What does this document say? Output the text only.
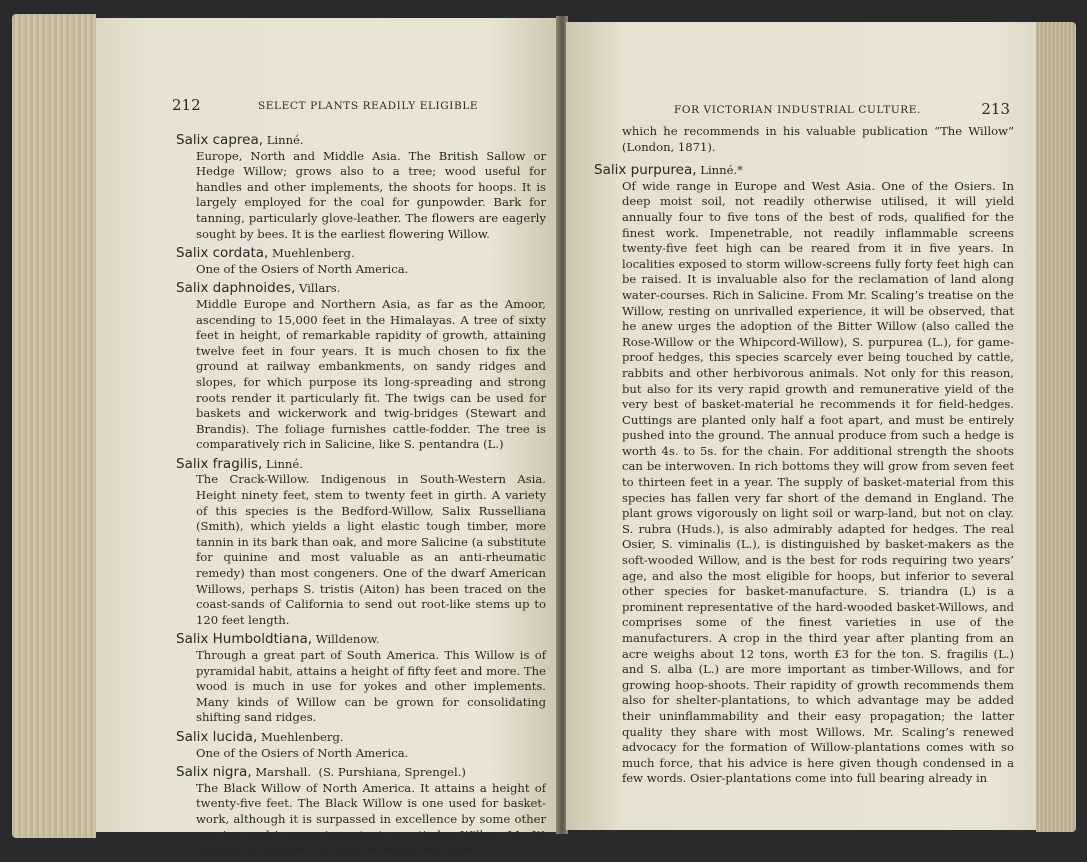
212	SELECT PLANTS READILY ELIGIBLE
Salix caprea, Linné.

Europe, North and Middle Asia. The British Sallow or Hedge Willow; grows also to a tree; wood useful for handles and other implements, the shoots for hoops. It is largely employed for the coal for gunpowder. Bark for tanning, particularly glove-leather. The flowers are eagerly sought by bees. It is the earliest flowering Willow.

Salix cordata, Muehlenberg.

One of the Osiers of North America.

Salix daphnoides, Villars.

Middle Europe and Northern Asia, as far as the Amoor, ascending to 15,000 feet in the Himalayas. A tree of sixty feet in height, of remarkable rapidity of growth, attaining twelve feet in four years. It is much chosen to fix the ground at railway embankments, on sandy ridges and slopes, for which purpose its long-spreading and strong roots render it particularly fit. The twigs can be used for baskets and wickerwork and twig-bridges (Stewart and Brandis). The foliage furnishes cattle-fodder. The tree is comparatively rich in Salicine, like S. pentandra (L.)

Salix fragilis, Linné.

The Crack-Willow. Indigenous in South-Western Asia. Height ninety feet, stem to twenty feet in girth. A variety of this species is the Bedford-Willow, Salix Russelliana (Smith), which yields a light elastic tough timber, more tannin in its bark than oak, and more Salicine (a substitute for quinine and most valuable as an anti-rheumatic remedy) than most congeners. One of the dwarf American Willows, perhaps S. tristis (Aiton) has been traced on the coast-sands of California to send out root-like stems up to 120 feet length.

Salix Humboldtiana, Willdenow.

Through a great part of South America. This Willow is of pyramidal habit, attains a height of fifty feet and more. The wood is much in use for yokes and other implements. Many kinds of Willow can be grown for consolidating shifting sand ridges.

Salix lucida, Muehlenberg.

One of the Osiers of North America.

Salix nigra, Marshall. (S. Purshiana, Sprengel.)

The Black Willow of North America. It attains a height of twenty-five feet. The Black Willow is one used for basket-work, although it is surpassed in excellence by some other species, and is more important as a timber-Willow. Mr. W. Scaling, of Basford, includes it among the sorts,

FOR VICTORIAN INDUSTRIAL CULTURE.	213

which he recommends in his valuable publication “The Willow” (London, 1871).

Salix purpurea, Linné.*

Of wide range in Europe and West Asia. One of the Osiers. In deep moist soil, not readily otherwise utilised, it will yield annually four to five tons of the best of rods, qualified for the finest work. Impenetrable, not readily inflammable screens twenty-five feet high can be reared from it in five years. In localities exposed to storm willow-screens fully forty feet high can be raised. It is invaluable also for the reclamation of land along water-courses. Rich in Salicine. From Mr. Scaling’s treatise on the Willow, resting on unrivalled experience, it will be observed, that he anew urges the adoption of the Bitter Willow (also called the Rose-Willow or the Whipcord-Willow), S. purpurea (L.), for game-proof hedges, this species scarcely ever being touched by cattle, rabbits and other herbivorous animals. Not only for this reason, but also for its very rapid growth and remunerative yield of the very best of basket-material he recommends it for field-hedges. Cuttings are planted only half a foot apart, and must be entirely pushed into the ground. The annual produce from such a hedge is worth 4s. to 5s. for the chain. For additional strength the shoots can be interwoven. In rich bottoms they will grow from seven feet to thirteen feet in a year. The supply of basket-material from this species has fallen very far short of the demand in England. The plant grows vigorously on light soil or warp-land, but not on clay. S. rubra (Huds.), is also admirably adapted for hedges. The real Osier, S. viminalis (L.), is distinguished by basket-makers as the soft-wooded Willow, and is the best for rods requiring two years’ age, and also the most eligible for hoops, but inferior to several other species for basket-manufacture. S. triandra (L) is a prominent representative of the hard-wooded basket-Willows, and comprises some of the finest varieties in use of the manufacturers. A crop in the third year after planting from an acre weighs about 12 tons, worth £3 for the ton. S. fragilis (L.) and S. alba (L.) are more important as timber-Willows, and for growing hoop-shoots. Their rapidity of growth recommends them also for shelter-plantations, to which advantage may be added their uninflammability and their easy propagation; the latter quality they share with most Willows. Mr. Scaling’s renewed advocacy for the formation of Willow-plantations comes with so much force, that his advice is here given though condensed in a few words. Osier-plantations come into full bearing already in
